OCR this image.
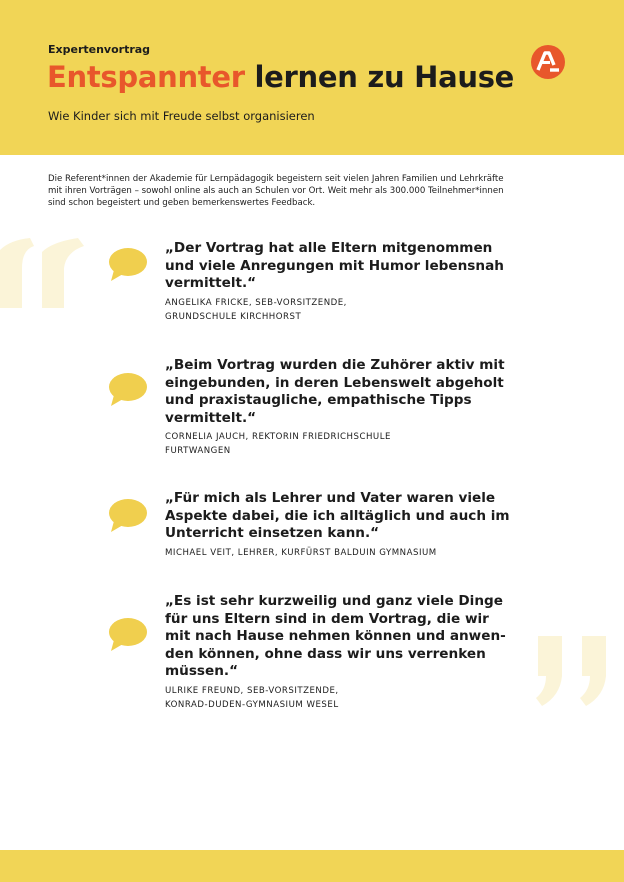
Expertenvortrag
Entspannter lernen zu Hause
Wie Kinder sich mit Freude selbst organisieren
Die Referent*innen der Akademie für Lernpädagogik begeistern seit vielen Jahren Familien und Lehrkräfte
mit ihren Vorträgen – sowohl online als auch an Schulen vor Ort. Weit mehr als 300.000 Teilnehmer*innen
sind schon begeistert und geben bemerkenswertes Feedback.
„Der Vortrag hat alle Eltern mitgenommen
und viele Anregungen mit Humor lebensnah
vermittelt.“
ANGELIKA FRICKE, SEB-VORSITZENDE,
GRUNDSCHULE KIRCHHORST
„Beim Vortrag wurden die Zuhörer aktiv mit
eingebunden, in deren Lebenswelt abgeholt
und praxistaugliche, empathische Tipps
vermittelt.“
CORNELIA JAUCH, REKTORIN FRIEDRICHSCHULE
FURTWANGEN
„Für mich als Lehrer und Vater waren viele
Aspekte dabei, die ich alltäglich und auch im
Unterricht einsetzen kann.“
MICHAEL VEIT, LEHRER, KURFÜRST BALDUIN GYMNASIUM
„Es ist sehr kurzweilig und ganz viele Dinge
für uns Eltern sind in dem Vortrag, die wir
mit nach Hause nehmen können und anwen-
den können, ohne dass wir uns verrenken
müssen.“
ULRIKE FREUND, SEB-VORSITZENDE,
KONRAD-DUDEN-GYMNASIUM WESEL
